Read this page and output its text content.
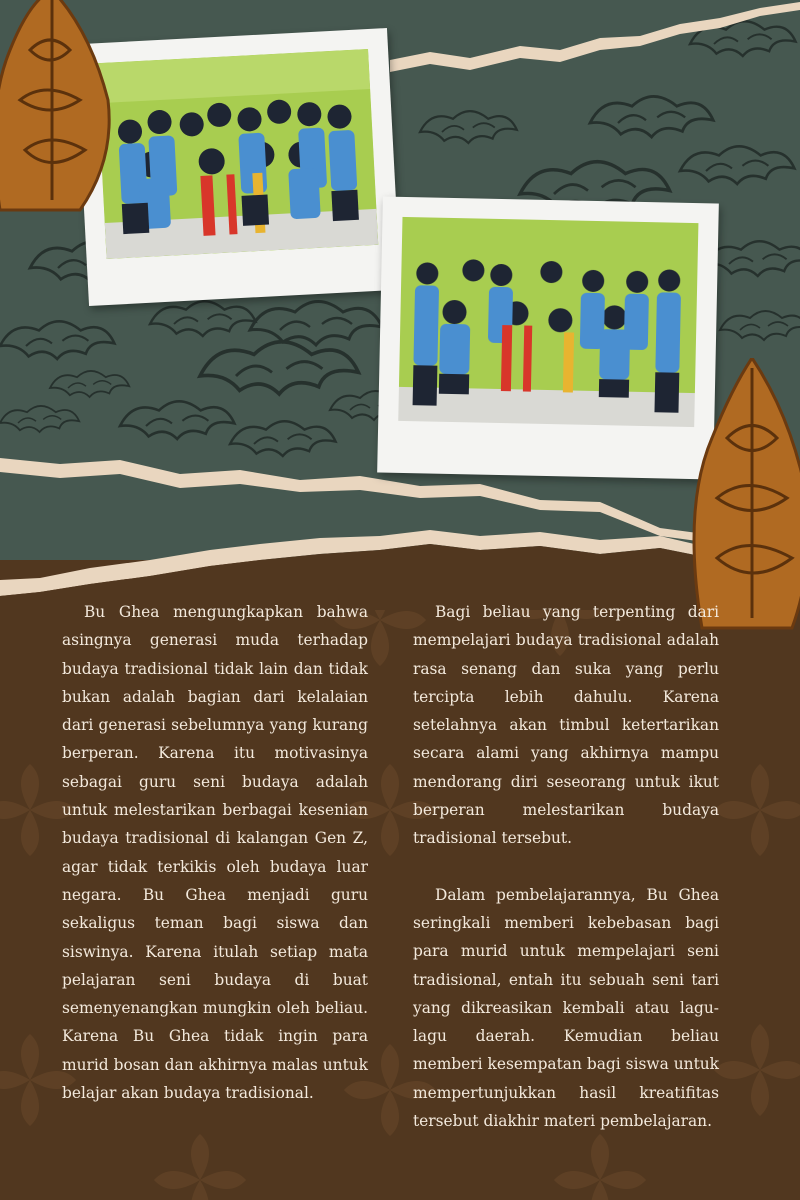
Bu Ghea mengungkapkan bahwa asingnya generasi muda terhadap budaya tradisional tidak lain dan tidak bukan adalah bagian dari kelalaian dari generasi sebelumnya yang kurang berperan. Karena itu motivasinya sebagai guru seni budaya adalah untuk melestarikan berbagai kesenian budaya tradisional di kalangan Gen Z, agar tidak terkikis oleh budaya luar negara. Bu Ghea menjadi guru sekaligus teman bagi siswa dan siswinya. Karena itulah setiap mata pelajaran seni budaya di buat semenyenangkan mungkin oleh beliau. Karena Bu Ghea tidak ingin para murid bosan dan akhirnya malas untuk belajar akan budaya tradisional.

Bagi beliau yang terpenting dari mempelajari budaya tradisional adalah rasa senang dan suka yang perlu tercipta lebih dahulu. Karena setelahnya akan timbul ketertarikan secara alami yang akhirnya mampu mendorang diri seseorang untuk ikut berperan melestarikan budaya tradisional tersebut.

Dalam pembelajarannya, Bu Ghea seringkali memberi kebebasan bagi para murid untuk mempelajari seni tradisional, entah itu sebuah seni tari yang dikreasikan kembali atau lagu-lagu daerah. Kemudian beliau memberi kesempatan bagi siswa untuk mempertunjukkan hasil kreatifitas tersebut diakhir materi pembelajaran.
